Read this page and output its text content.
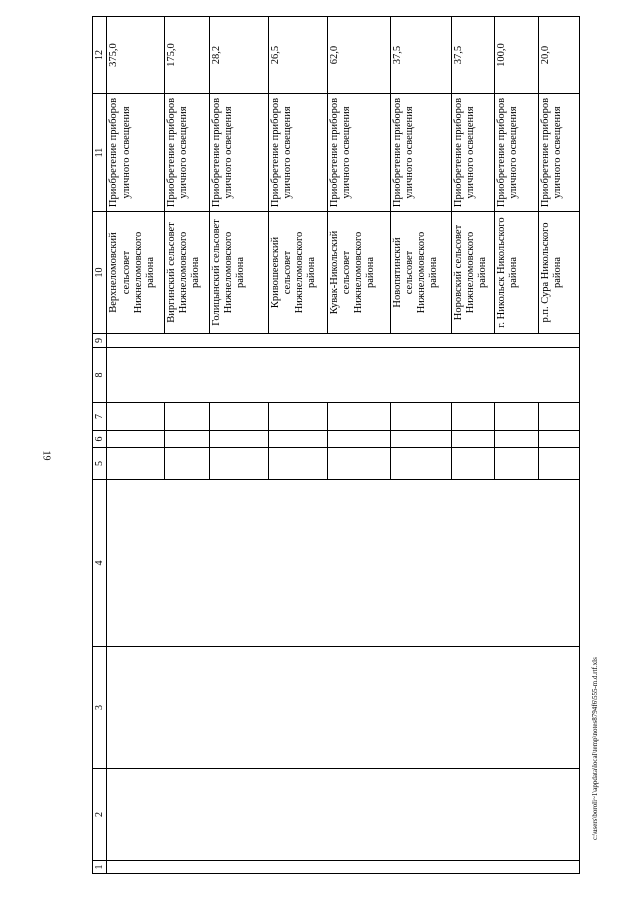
19
1	2	3	4	5	6	7	8	9	10	11	12
									Верхнеломовский сельсовет Нижнеломовского района	Приобретение приборов уличного освещения	375,0
									Виргинский сельсовет Нижнеломовского района	Приобретение приборов уличного освещения	175,0
									Голицынский сельсовет Нижнеломовского района	Приобретение приборов уличного освещения	28,2
									Кривошеевский сельсовет Нижнеломовского района	Приобретение приборов уличного освещения	26,5
									Кувак-Никольский сельсовет Нижнеломовского района	Приобретение приборов уличного освещения	62,0
									Новопятинский сельсовет Нижнеломовского района	Приобретение приборов уличного освещения	37,5
									Норовский сельсовет Нижнеломовского района	Приобретение приборов уличного освещения	37,5
									г. Никольск Никольского района	Приобретение приборов уличного освещения	100,0
									р.п. Сура Никольского района	Приобретение приборов уличного освещения	20,0
c:\users\boroli~1\appdata\local\temp\notes8794f6\555-m.d.rtf.xls
